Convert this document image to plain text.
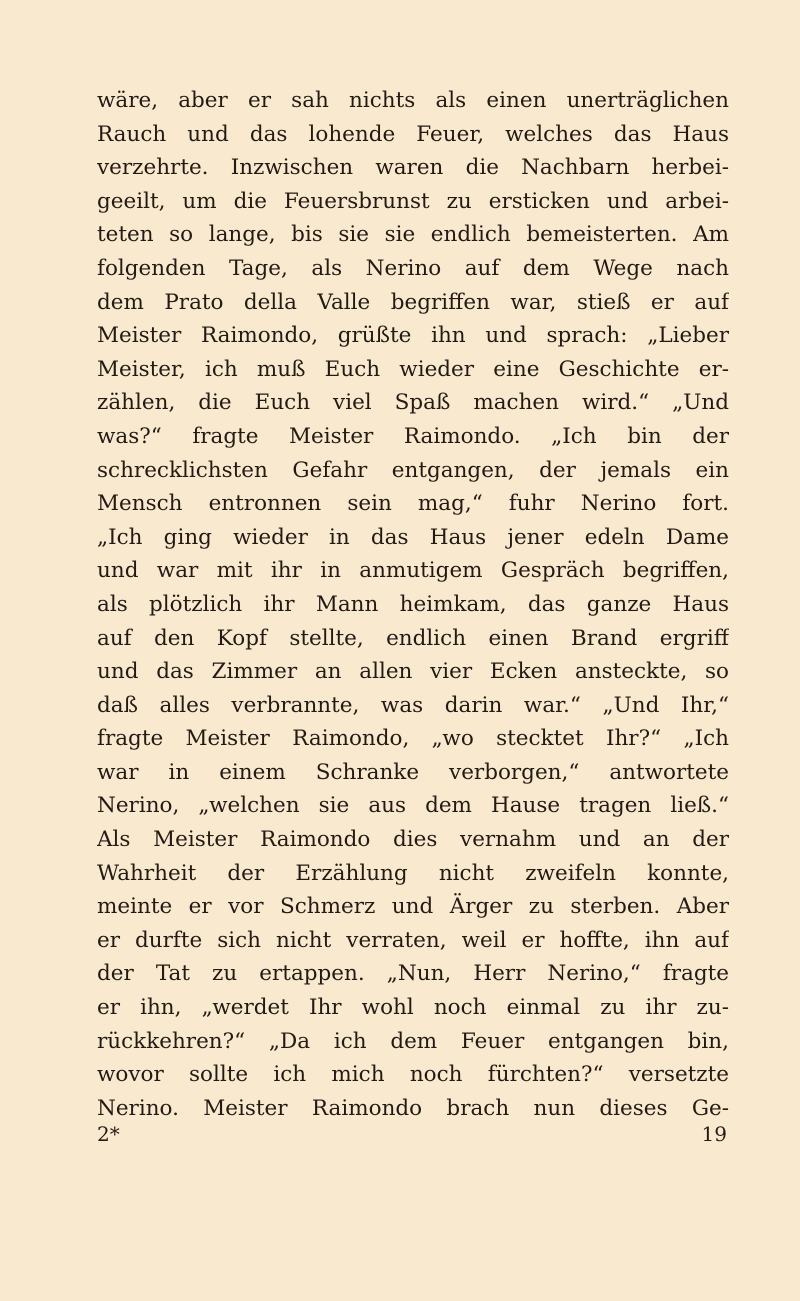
wäre, aber er sah nichts als einen unerträglichen
Rauch und das lohende Feuer, welches das Haus
verzehrte. Inzwischen waren die Nachbarn herbei-
geeilt, um die Feuersbrunst zu ersticken und arbei-
teten so lange, bis sie sie endlich bemeisterten. Am
folgenden Tage, als Nerino auf dem Wege nach
dem Prato della Valle begriffen war, stieß er auf
Meister Raimondo, grüßte ihn und sprach: „Lieber
Meister, ich muß Euch wieder eine Geschichte er-
zählen, die Euch viel Spaß machen wird.“ „Und
was?“ fragte Meister Raimondo. „Ich bin der
schrecklichsten Gefahr entgangen, der jemals ein
Mensch entronnen sein mag,“ fuhr Nerino fort.
„Ich ging wieder in das Haus jener edeln Dame
und war mit ihr in anmutigem Gespräch begriffen,
als plötzlich ihr Mann heimkam, das ganze Haus
auf den Kopf stellte, endlich einen Brand ergriff
und das Zimmer an allen vier Ecken ansteckte, so
daß alles verbrannte, was darin war.“ „Und Ihr,“
fragte Meister Raimondo, „wo stecktet Ihr?“ „Ich
war in einem Schranke verborgen,“ antwortete
Nerino, „welchen sie aus dem Hause tragen ließ.“
Als Meister Raimondo dies vernahm und an der
Wahrheit der Erzählung nicht zweifeln konnte,
meinte er vor Schmerz und Ärger zu sterben. Aber
er durfte sich nicht verraten, weil er hoffte, ihn auf
der Tat zu ertappen. „Nun, Herr Nerino,“ fragte
er ihn, „werdet Ihr wohl noch einmal zu ihr zu-
rückkehren?“ „Da ich dem Feuer entgangen bin,
wovor sollte ich mich noch fürchten?“ versetzte
Nerino. Meister Raimondo brach nun dieses Ge-
2*	19
